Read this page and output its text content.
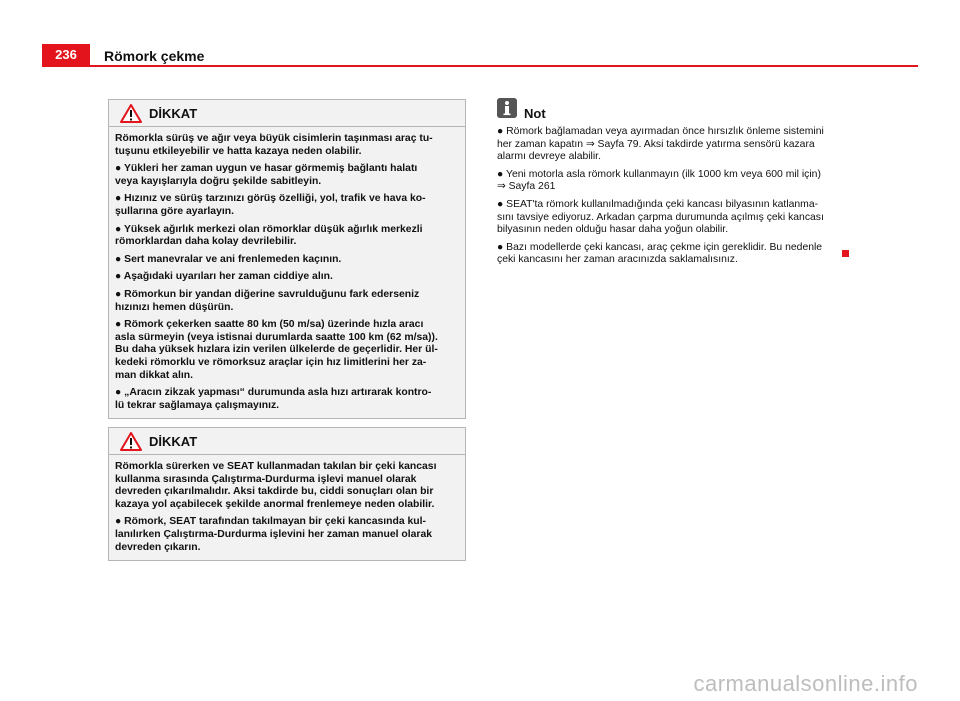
236	Römork çekme
DİKKAT

Römorkla sürüş ve ağır veya büyük cisimlerin taşınması araç tu-
tuşunu etkileyebilir ve hatta kazaya neden olabilir.

● Yükleri her zaman uygun ve hasar görmemiş bağlantı halatı
veya kayışlarıyla doğru şekilde sabitleyin.

● Hızınız ve sürüş tarzınızı görüş özelliği, yol, trafik ve hava ko-
şullarına göre ayarlayın.

● Yüksek ağırlık merkezi olan römorklar düşük ağırlık merkezli
römorklardan daha kolay devrilebilir.

● Sert manevralar ve ani frenlemeden kaçının.

● Aşağıdaki uyarıları her zaman ciddiye alın.

● Römorkun bir yandan diğerine savrulduğunu fark ederseniz
hızınızı hemen düşürün.

● Römork çekerken saatte 80 km (50 m/sa) üzerinde hızla aracı
asla sürmeyin (veya istisnai durumlarda saatte 100 km (62 m/sa)).
Bu daha yüksek hızlara izin verilen ülkelerde de geçerlidir. Her ül-
kedeki römorklu ve römorksuz araçlar için hız limitlerini her za-
man dikkat alın.

● „Aracın zikzak yapması“ durumunda asla hızı artırarak kontro-
lü tekrar sağlamaya çalışmayınız.

DİKKAT

Römorkla sürerken ve SEAT kullanmadan takılan bir çeki kancası
kullanma sırasında Çalıştırma-Durdurma işlevi manuel olarak
devreden çıkarılmalıdır. Aksi takdirde bu, ciddi sonuçları olan bir
kazaya yol açabilecek şekilde anormal frenlemeye neden olabilir.

● Römork, SEAT tarafından takılmayan bir çeki kancasında kul-
lanılırken Çalıştırma-Durdurma işlevini her zaman manuel olarak
devreden çıkarın.

Not

● Römork bağlamadan veya ayırmadan önce hırsızlık önleme sistemini
her zaman kapatın ⇒ Sayfa 79. Aksi takdirde yatırma sensörü kazara
alarmı devreye alabilir.

● Yeni motorla asla römork kullanmayın (ilk 1000 km veya 600 mil için)
⇒ Sayfa 261

● SEAT'ta römork kullanılmadığında çeki kancası bilyasının katlanma-
sını tavsiye ediyoruz. Arkadan çarpma durumunda açılmış çeki kancası
bilyasının neden olduğu hasar daha yoğun olabilir.

● Bazı modellerde çeki kancası, araç çekme için gereklidir. Bu nedenle
çeki kancasını her zaman aracınızda saklamalısınız.

carmanualsonline.info
